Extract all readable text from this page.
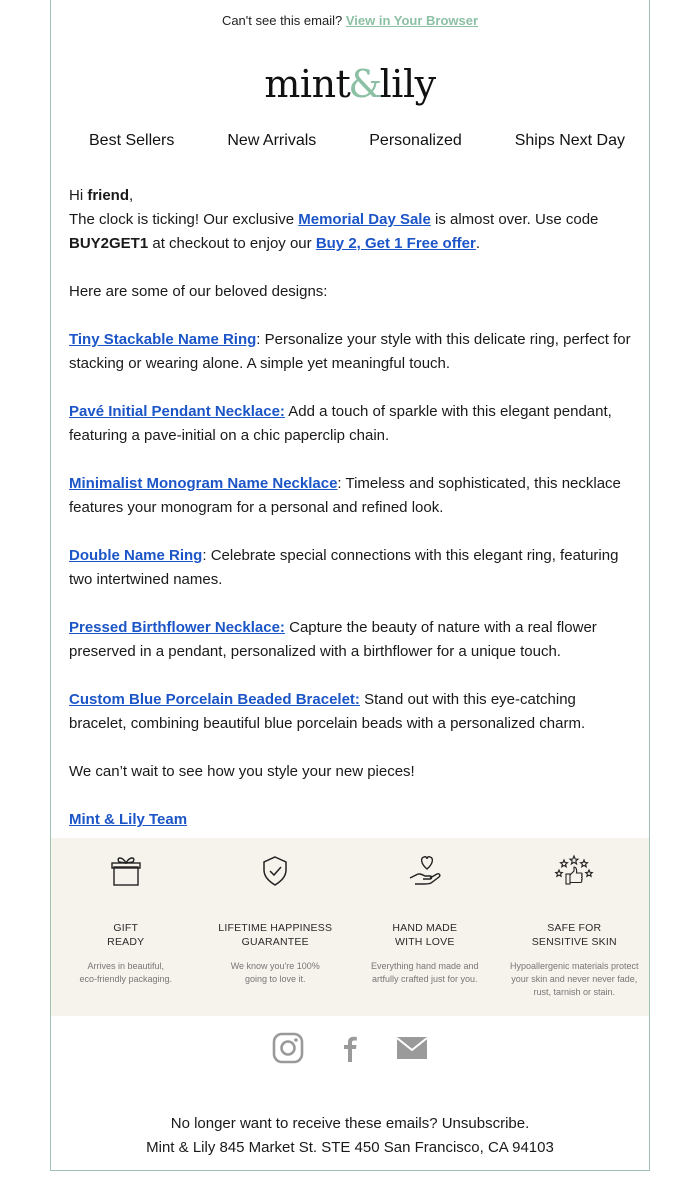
Can't see this email? View in Your Browser
mint&lily
Best Sellers	New Arrivals	Personalized	Ships Next Day

Hi friend,
The clock is ticking! Our exclusive Memorial Day Sale is almost over. Use code BUY2GET1 at checkout to enjoy our Buy 2, Get 1 Free offer.

Here are some of our beloved designs:

Tiny Stackable Name Ring: Personalize your style with this delicate ring, perfect for stacking or wearing alone. A simple yet meaningful touch.

Pavé Initial Pendant Necklace: Add a touch of sparkle with this elegant pendant, featuring a pave-initial on a chic paperclip chain.

Minimalist Monogram Name Necklace: Timeless and sophisticated, this necklace features your monogram for a personal and refined look.

Double Name Ring: Celebrate special connections with this elegant ring, featuring two intertwined names.

Pressed Birthflower Necklace: Capture the beauty of nature with a real flower preserved in a pendant, personalized with a birthflower for a unique touch.

Custom Blue Porcelain Beaded Bracelet: Stand out with this eye-catching bracelet, combining beautiful blue porcelain beads with a personalized charm.

We can’t wait to see how you style your new pieces!

Mint & Lily Team

GIFT
READY
Arrives in beautiful,
eco-friendly packaging.
LIFETIME HAPPINESS
GUARANTEE
We know you're 100%
going to love it.
HAND MADE
WITH LOVE
Everything hand made and
artfully crafted just for you.
SAFE FOR
SENSITIVE SKIN
Hypoallergenic materials protect
your skin and never never fade,
rust, tarnish or stain.
No longer want to receive these emails? Unsubscribe.
Mint & Lily 845 Market St. STE 450 San Francisco, CA 94103
